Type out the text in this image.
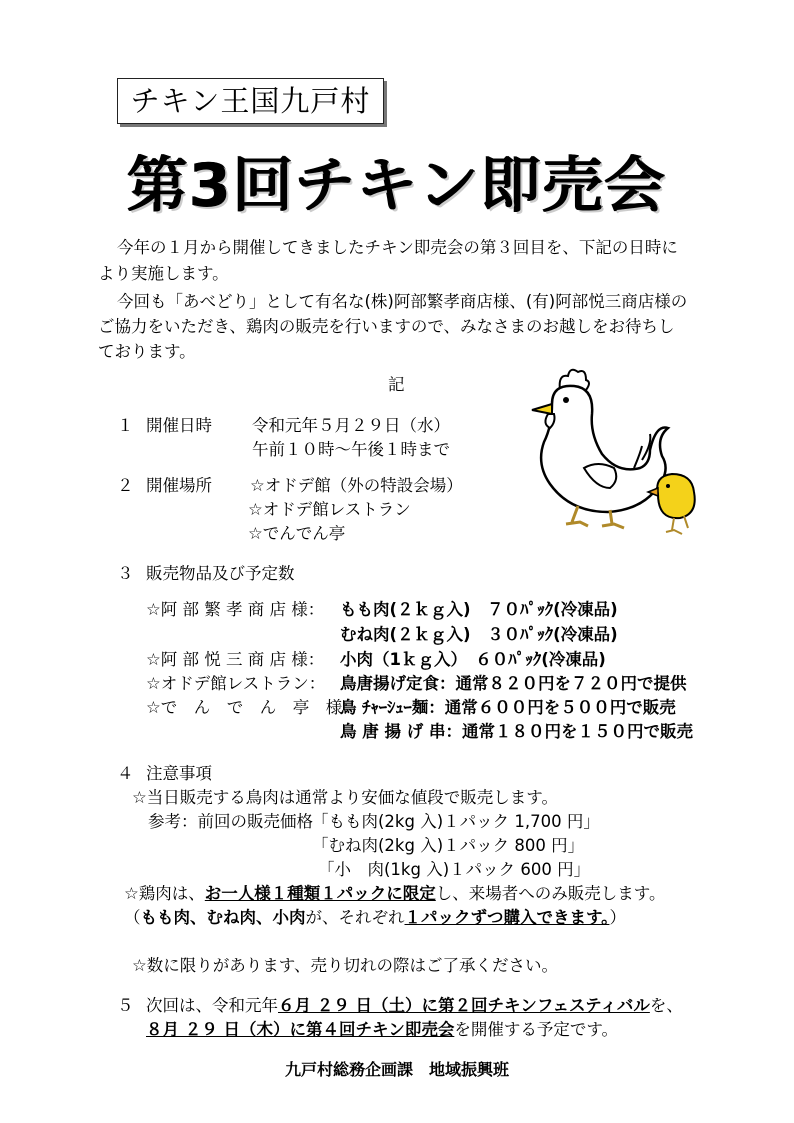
チキン王国九戸村
第3回チキン即売会
今年の１月から開催してきましたチキン即売会の第３回目を、下記の日時に
より実施します。
今回も「あべどり」として有名な(株)阿部繁孝商店様、(有)阿部悦三商店様の
ご協力をいただき、鶏肉の販売を行いますので、みなさまのお越しをお待ちし
ております。
記
１ 開催日時 令和元年５月２９日（水）
午前１０時～午後１時まで
２ 開催場所 ☆オドデ館（外の特設会場）
☆オドデ館レストラン
☆でんでん亭
３ 販売物品及び予定数
☆阿 部 繁 孝 商 店 様： もも肉(２ｋｇ入)　７０ﾊﾟｯｸ(冷凍品)
むね肉(２ｋｇ入)　３０ﾊﾟｯｸ(冷凍品)
☆阿 部 悦 三 商 店 様： 小肉（1ｋｇ入）　６０ﾊﾟｯｸ(冷凍品)
☆オドデ館レストラン： 鳥唐揚げ定食：通常８２０円を７２０円で提供
☆で　ん　で　ん　亭　様：
鳥 ﾁｬｰｼｭｰ麺：通常６００円を５００円で販売
鳥 唐 揚 げ 串：通常１８０円を１５０円で販売
４ 注意事項
☆当日販売する鳥肉は通常より安価な値段で販売します。
参考：前回の販売価格 「もも肉(2kg 入)１パック 1,700 円」
「むね肉(2kg 入)１パック 800 円」
「小　肉(1kg 入)１パック 600 円」
☆鶏肉は、お一人様１種類１パックに限定し、来場者へのみ販売します。
（もも肉、むね肉、小肉が、それぞれ１パックずつ購入できます。）
☆数に限りがあります、売り切れの際はご了承ください。
５ 次回は、令和元年６月 ２９ 日（土）に第２回チキンフェスティバルを、
８月 ２９ 日（木）に第４回チキン即売会を開催する予定です。
九戸村総務企画課　地域振興班
